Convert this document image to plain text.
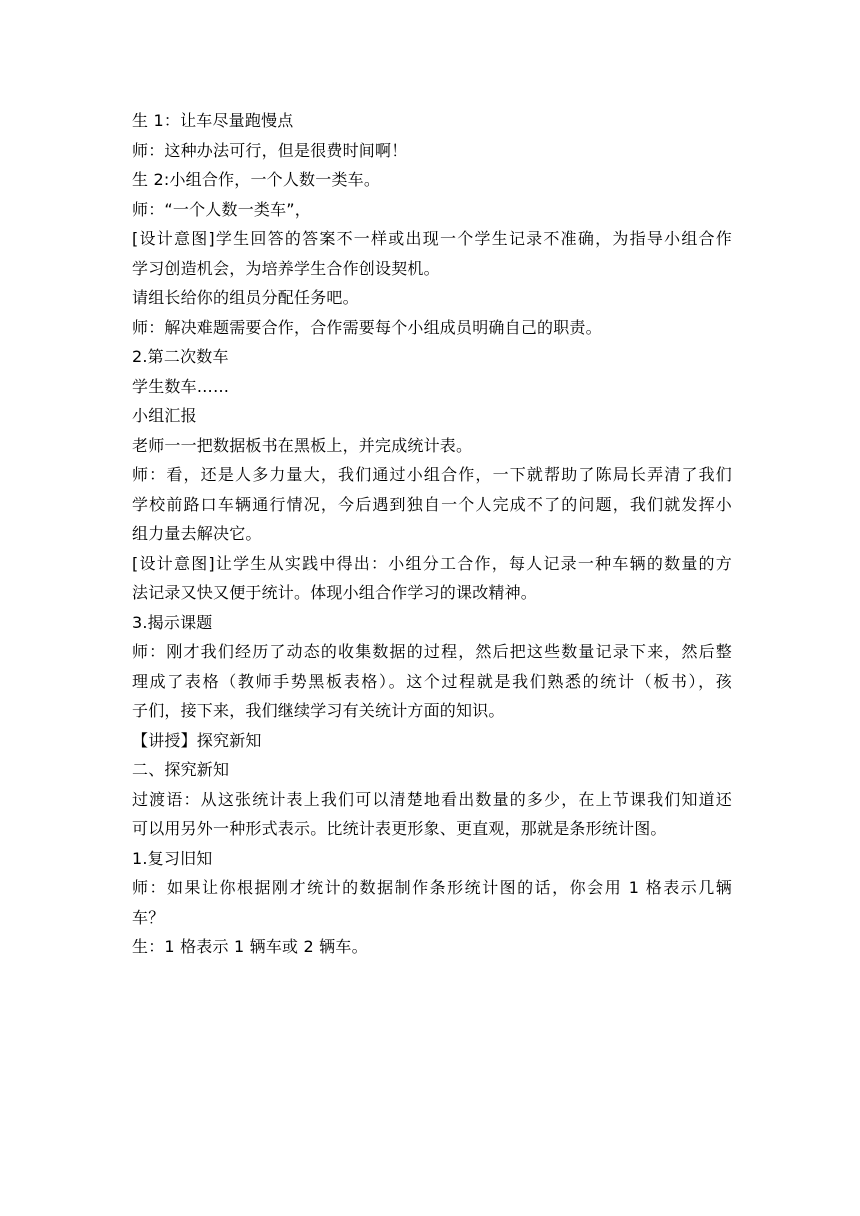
生 1：让车尽量跑慢点

师：这种办法可行，但是很费时间啊！

生 2:小组合作，一个人数一类车。

师：“一个人数一类车”，

[设计意图]学生回答的答案不一样或出现一个学生记录不准确，为指导小组合作

学习创造机会，为培养学生合作创设契机。

请组长给你的组员分配任务吧。

师：解决难题需要合作，合作需要每个小组成员明确自己的职责。

2.第二次数车

学生数车……

小组汇报

老师一一把数据板书在黑板上，并完成统计表。

师：看，还是人多力量大，我们通过小组合作，一下就帮助了陈局长弄清了我们

学校前路口车辆通行情况，今后遇到独自一个人完成不了的问题，我们就发挥小

组力量去解决它。

[设计意图]让学生从实践中得出：小组分工合作，每人记录一种车辆的数量的方

法记录又快又便于统计。体现小组合作学习的课改精神。

3.揭示课题

师：刚才我们经历了动态的收集数据的过程，然后把这些数量记录下来，然后整

理成了表格（教师手势黑板表格）。这个过程就是我们熟悉的统计（板书），孩

子们，接下来，我们继续学习有关统计方面的知识。

【讲授】探究新知

二、探究新知

过渡语：从这张统计表上我们可以清楚地看出数量的多少，在上节课我们知道还

可以用另外一种形式表示。比统计表更形象、更直观，那就是条形统计图。

1.复习旧知

师：如果让你根据刚才统计的数据制作条形统计图的话，你会用 1 格表示几辆

车？

生：1 格表示 1 辆车或 2 辆车。
